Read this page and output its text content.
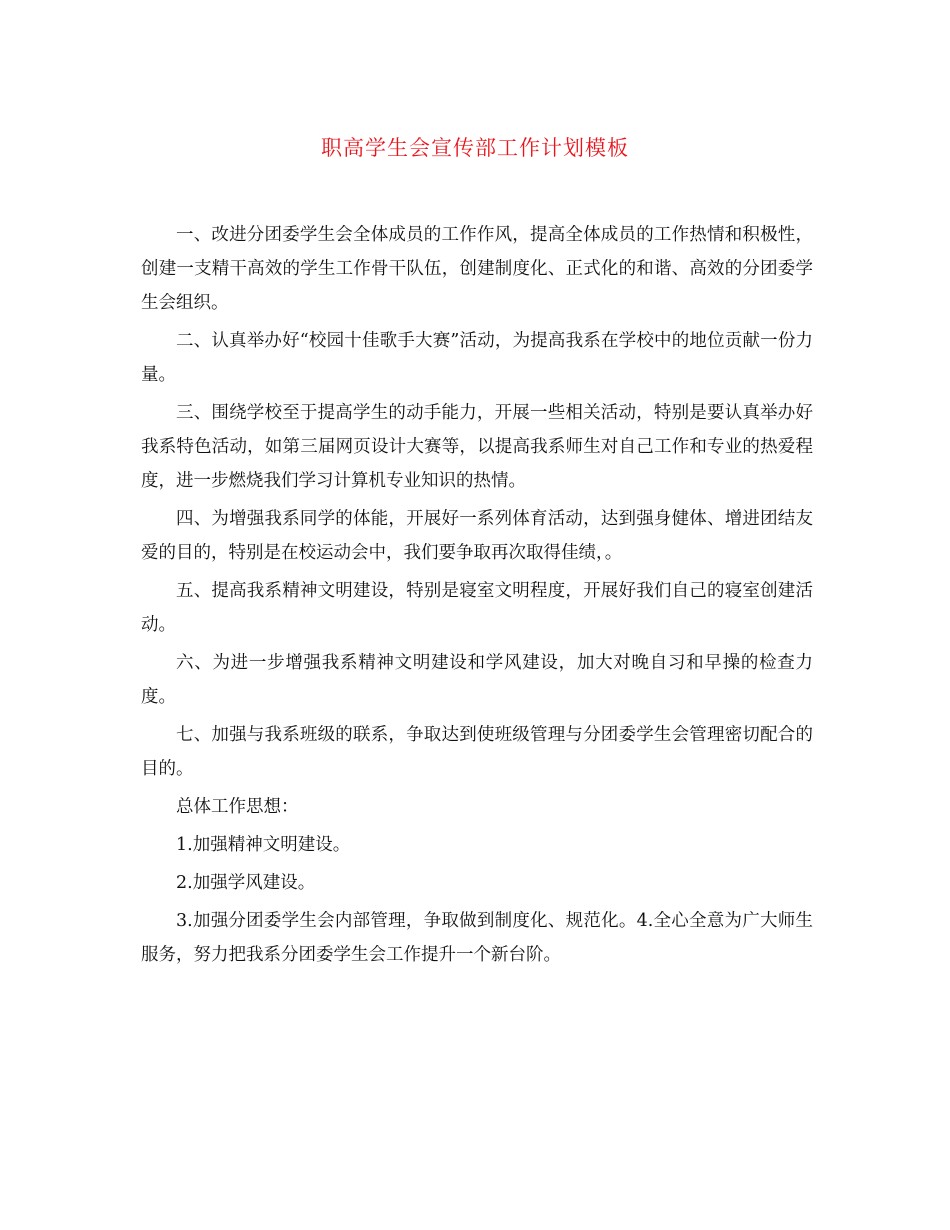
职高学生会宣传部工作计划模板

一、改进分团委学生会全体成员的工作作风，提高全体成员的工作热情和积极性，创建一支精干高效的学生工作骨干队伍，创建制度化、正式化的和谐、高效的分团委学生会组织。

二、认真举办好“校园十佳歌手大赛”活动，为提高我系在学校中的地位贡献一份力量。

三、围绕学校至于提高学生的动手能力，开展一些相关活动，特别是要认真举办好我系特色活动，如第三届网页设计大赛等，以提高我系师生对自己工作和专业的热爱程度，进一步燃烧我们学习计算机专业知识的热情。

四、为增强我系同学的体能，开展好一系列体育活动，达到强身健体、增进团结友爱的目的，特别是在校运动会中，我们要争取再次取得佳绩，。

五、提高我系精神文明建设，特别是寝室文明程度，开展好我们自己的寝室创建活动。

六、为进一步增强我系精神文明建设和学风建设，加大对晚自习和早操的检查力度。

七、加强与我系班级的联系，争取达到使班级管理与分团委学生会管理密切配合的目的。

总体工作思想：

1.加强精神文明建设。

2.加强学风建设。

3.加强分团委学生会内部管理，争取做到制度化、规范化。4.全心全意为广大师生服务，努力把我系分团委学生会工作提升一个新台阶。
